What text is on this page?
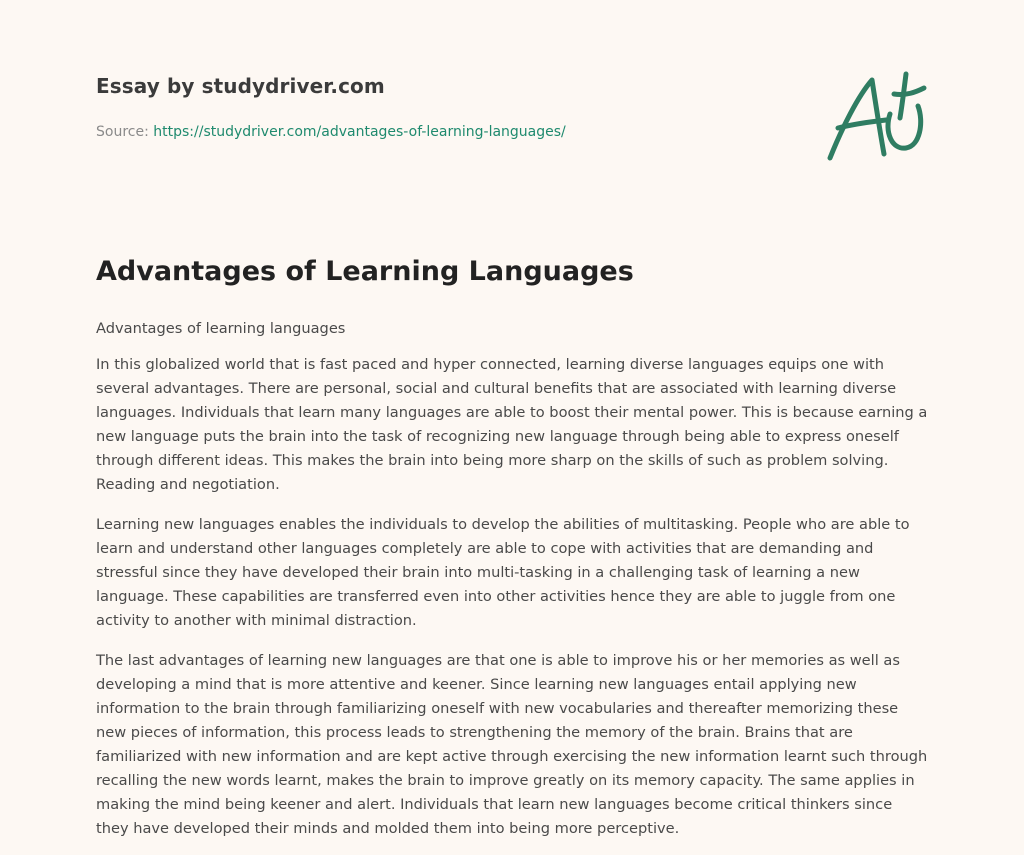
Essay by studydriver.com
Source: https://studydriver.com/advantages-of-learning-languages/
Advantages of Learning Languages

Advantages of learning languages

In this globalized world that is fast paced and hyper connected, learning diverse languages equips one with several advantages. There are personal, social and cultural benefits that are associated with learning diverse languages. Individuals that learn many languages are able to boost their mental power. This is because earning a new language puts the brain into the task of recognizing new language through being able to express oneself through different ideas. This makes the brain into being more sharp on the skills of such as problem solving. Reading and negotiation.

Learning new languages enables the individuals to develop the abilities of multitasking. People who are able to learn and understand other languages completely are able to cope with activities that are demanding and stressful since they have developed their brain into multi-tasking in a challenging task of learning a new language. These capabilities are transferred even into other activities hence they are able to juggle from one activity to another with minimal distraction.

The last advantages of learning new languages are that one is able to improve his or her memories as well as developing a mind that is more attentive and keener. Since learning new languages entail applying new information to the brain through familiarizing oneself with new vocabularies and thereafter memorizing these new pieces of information, this process leads to strengthening the memory of the brain. Brains that are familiarized with new information and are kept active through exercising the new information learnt such through recalling the new words learnt, makes the brain to improve greatly on its memory capacity. The same applies in making the mind being keener and alert. Individuals that learn new languages become critical thinkers since they have developed their minds and molded them into being more perceptive.
